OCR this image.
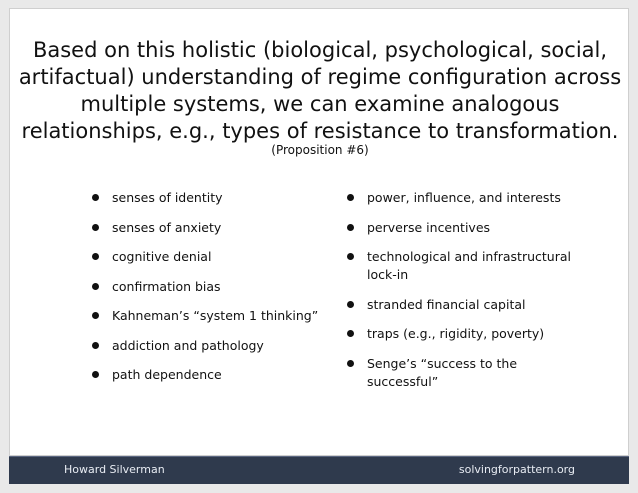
Based on this holistic (biological, psychological, social, artifactual) understanding of regime configuration across multiple systems, we can examine analogous relationships, e.g., types of resistance to transformation.
(Proposition #6)
senses of identity
senses of anxiety
cognitive denial
confirmation bias
Kahneman’s “system 1 thinking”
addiction and pathology
path dependence
power, influence, and interests
perverse incentives
technological and infrastructural lock-in
stranded financial capital
traps (e.g., rigidity, poverty)
Senge’s “success to the successful”
Howard Silverman	solvingforpattern.org
